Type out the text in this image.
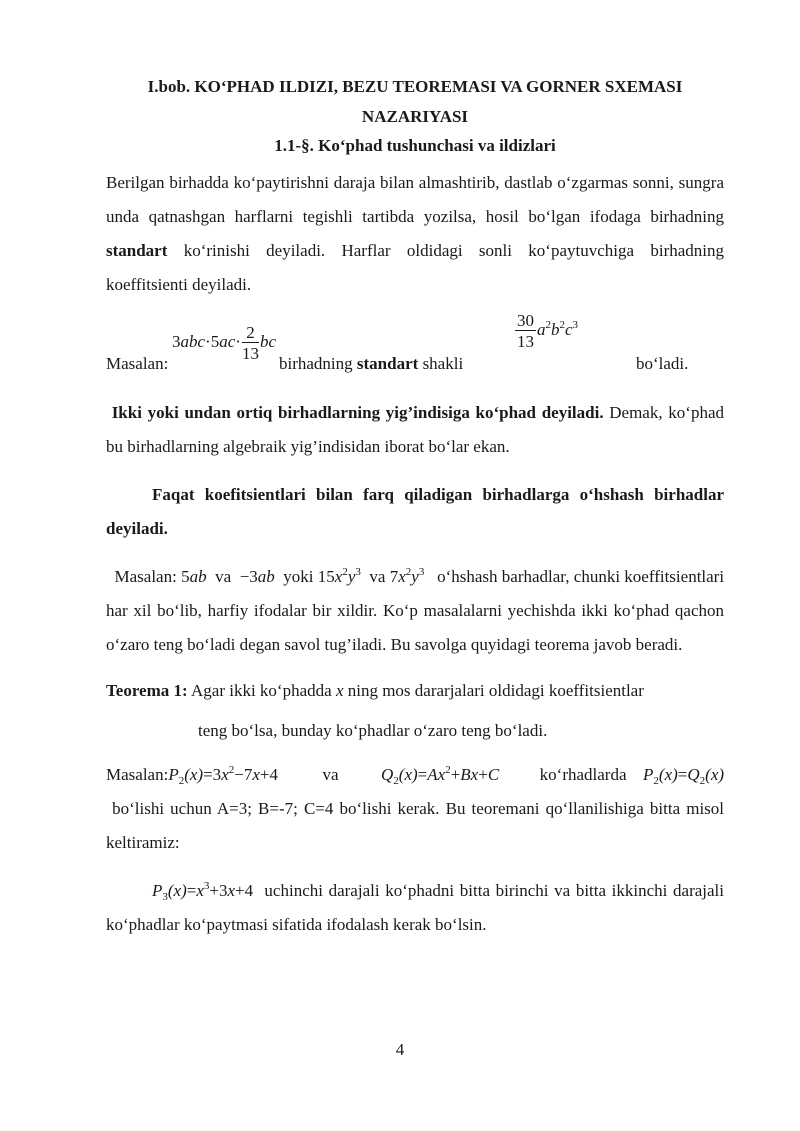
I.bob. KO‘PHAD ILDIZI, BEZU TEOREMASI VA GORNER SXEMASI

NAZARIYASI

1.1-§. Ko‘phad tushunchasi va ildizlari

Berilgan birhadda ko‘paytirishni daraja bilan almashtirib, dastlab o‘zgarmas sonni, sungra unda qatnashgan harflarni tegishli tartibda yozilsa, hosil bo‘lgan ifodaga birhadning standart ko‘rinishi deyiladi. Harflar oldidagi sonli ko‘paytuvchiga birhadning koeffitsienti deyiladi.

Masalan:
$3abc\cdot 5ac\cdot \frac{2}{13}$ bc
birhadning standart shakli
$\frac{30}{13} a^2b^2c^3$
bo‘ladi.

Ikki yoki undan ortiq birhadlarning yig’indisiga ko‘phad deyiladi. Demak, ko‘phad bu birhadlarning algebraik yig’indisidan iborat bo‘lar ekan.

Faqat koefitsientlari bilan farq qiladigan birhadlarga o‘hshash birhadlar deyiladi.

Masalan: 5ab va −3ab yoki $15x^2y^3$ va $7x^2y^3$ o‘hshash barhadlar, chunki koeffitsientlari har xil bo‘lib, harfiy ifodalar bir xildir. Ko‘p masalalarni yechishda ikki ko‘phad qachon o‘zaro teng bo‘ladi degan savol tug’iladi. Bu savolga quyidagi teorema javob beradi.

Teorema 1: Agar ikki ko‘phadda x ning mos dararjalari oldidagi koeffitsientlar

teng bo‘lsa, bunday ko‘phadlar o‘zaro teng bo‘ladi.

$Masalan:P_2(x)=3x^2-7x+4$	va	$Q_2(x)=Ax^2+Bx+C$ ko‘rhadlarda $P_2(x)=Q_2(x)$  bo‘lishi uchun A=3; B=-7; C=4 bo‘lishi kerak. Bu teoremani qo‘llanilishiga bitta misol keltiramiz:

$P_3(x)=x^3+3x+4$ uchinchi darajali ko‘phadni bitta birinchi va bitta ikkinchi darajali ko‘phadlar ko‘paytmasi sifatida ifodalash kerak bo‘lsin.

4
